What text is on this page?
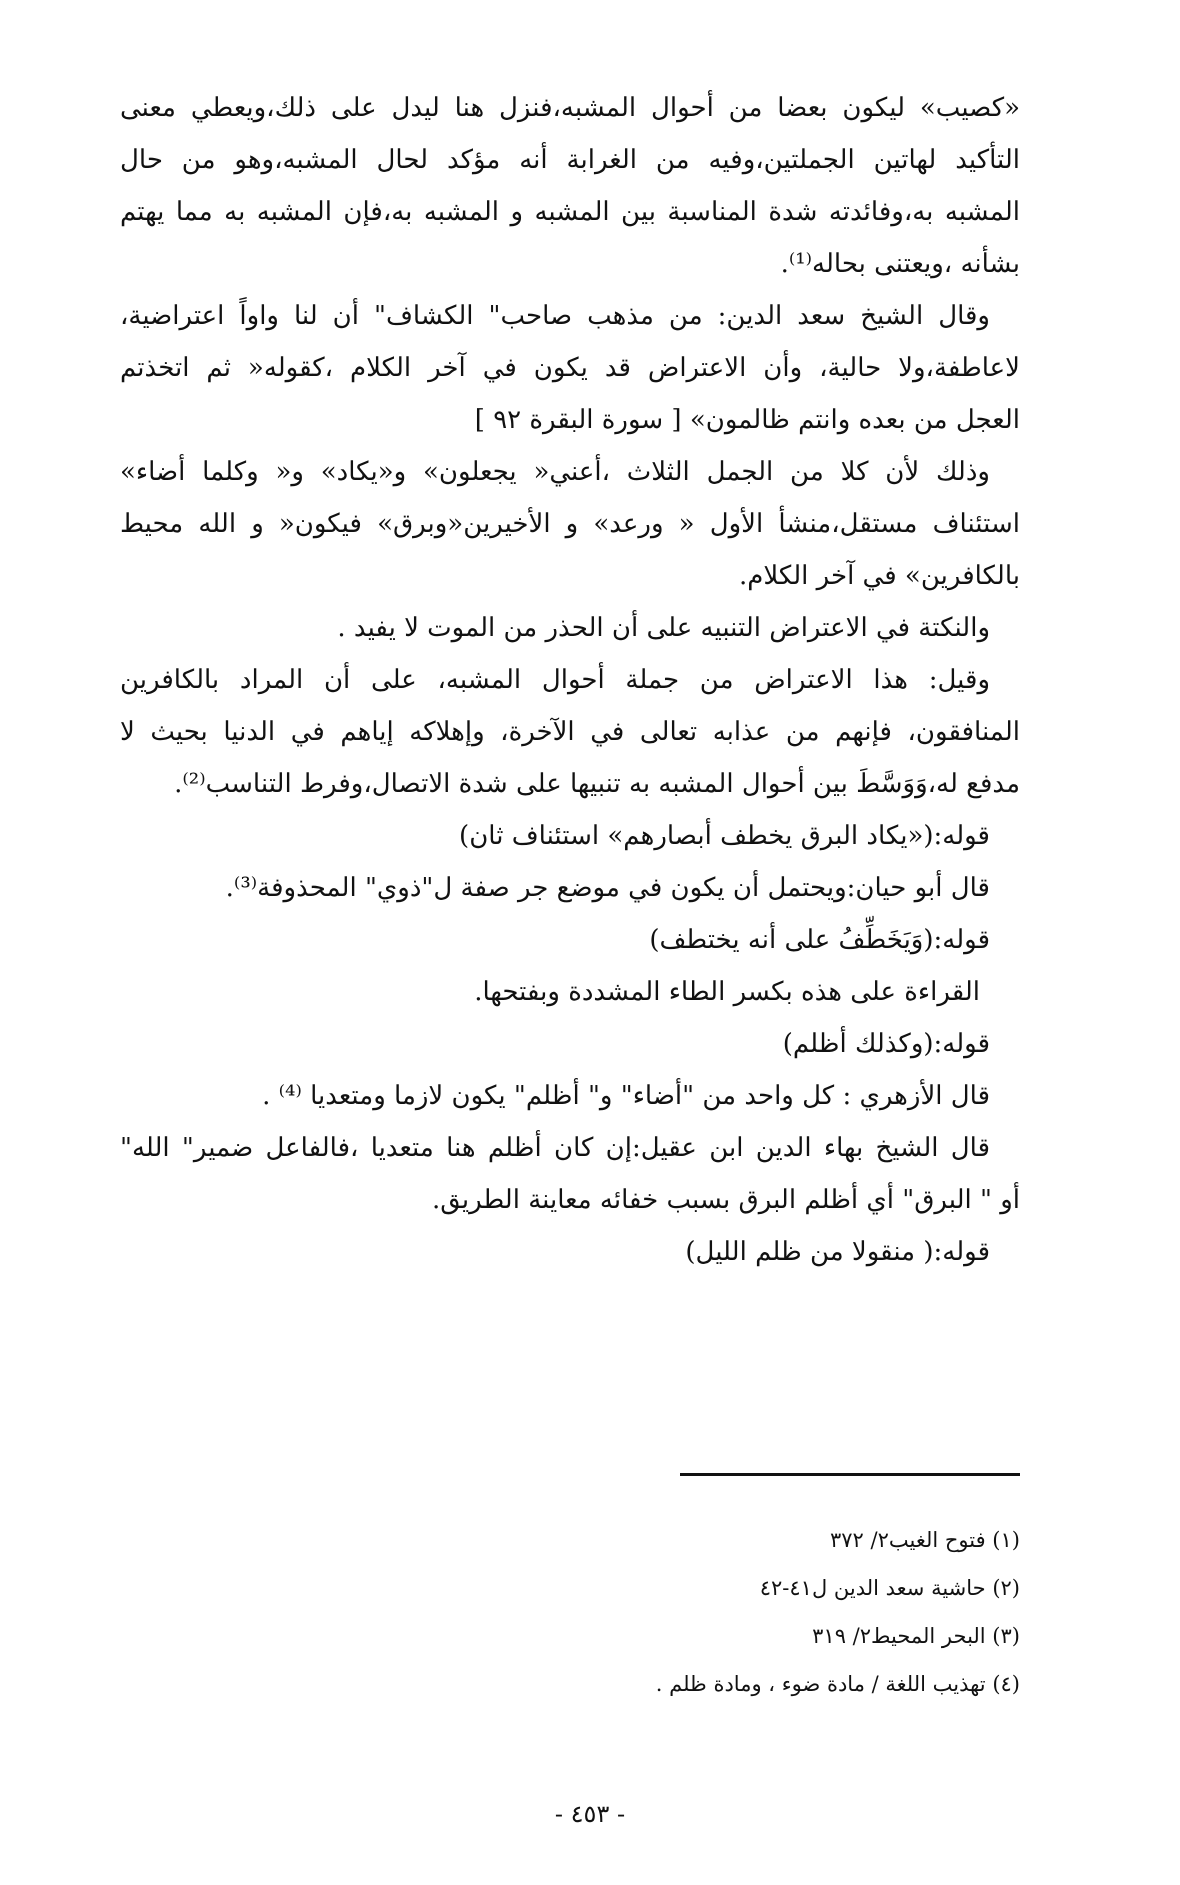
«كصيب» ليكون بعضا من أحوال المشبه،فنزل هنا ليدل على ذلك،ويعطي معنى
التأكيد لهاتين الجملتين،وفيه من الغرابة أنه مؤكد لحال المشبه،وهو من حال
المشبه به،وفائدته شدة المناسبة بين المشبه و المشبه به،فإن المشبه به مما يهتم
بشأنه ،ويعتنى بحاله⁽¹⁾.
وقال الشيخ سعد الدين: من مذهب صاحب" الكشاف" أن لنا واواً اعتراضية،
لاعاطفة،ولا حالية، وأن الاعتراض قد يكون في آخر الكلام ،كقوله« ثم اتخذتم
العجل من بعده وانتم ظالمون» [ سورة البقرة ٩٢ ]
وذلك لأن كلا من الجمل الثلاث ،أعني« يجعلون» و«يكاد» و« وكلما أضاء»
استئناف مستقل،منشأ الأول « ورعد» و الأخيرين«وبرق» فيكون« و الله محيط
بالكافرين» في آخر الكلام.
والنكتة في الاعتراض التنبيه على أن الحذر من الموت لا يفيد .
وقيل: هذا الاعتراض من جملة أحوال المشبه، على أن المراد بالكافرين
المنافقون، فإنهم من عذابه تعالى في الآخرة، وإهلاكه إياهم في الدنيا بحيث لا
مدفع له،وَوَسَّطَ بين أحوال المشبه به تنبيها على شدة الاتصال،وفرط التناسب⁽²⁾.
قوله:(«يكاد البرق يخطف أبصارهم» استئناف ثان)
قال أبو حيان:ويحتمل أن يكون في موضع جر صفة ل"ذوي" المحذوفة⁽³⁾.
قوله:(وَيَخَطِّفُ على أنه يختطف)
القراءة على هذه بكسر الطاء المشددة وبفتحها.
قوله:(وكذلك أظلم)
قال الأزهري : كل واحد من "أضاء" و" أظلم" يكون لازما ومتعديا ⁽⁴⁾ .
قال الشيخ بهاء الدين ابن عقيل:إن كان أظلم هنا متعديا ،فالفاعل ضمير" الله"
أو " البرق" أي أظلم البرق بسبب خفائه معاينة الطريق.
قوله:( منقولا من ظلم الليل)
(١) فتوح الغيب٢/ ٣٧٢
(٢) حاشية سعد الدين ل٤١-٤٢
(٣) البحر المحيط٢/ ٣١٩
(٤) تهذيب اللغة / مادة ضوء ، ومادة ظلم .
- ٤٥٣ -
